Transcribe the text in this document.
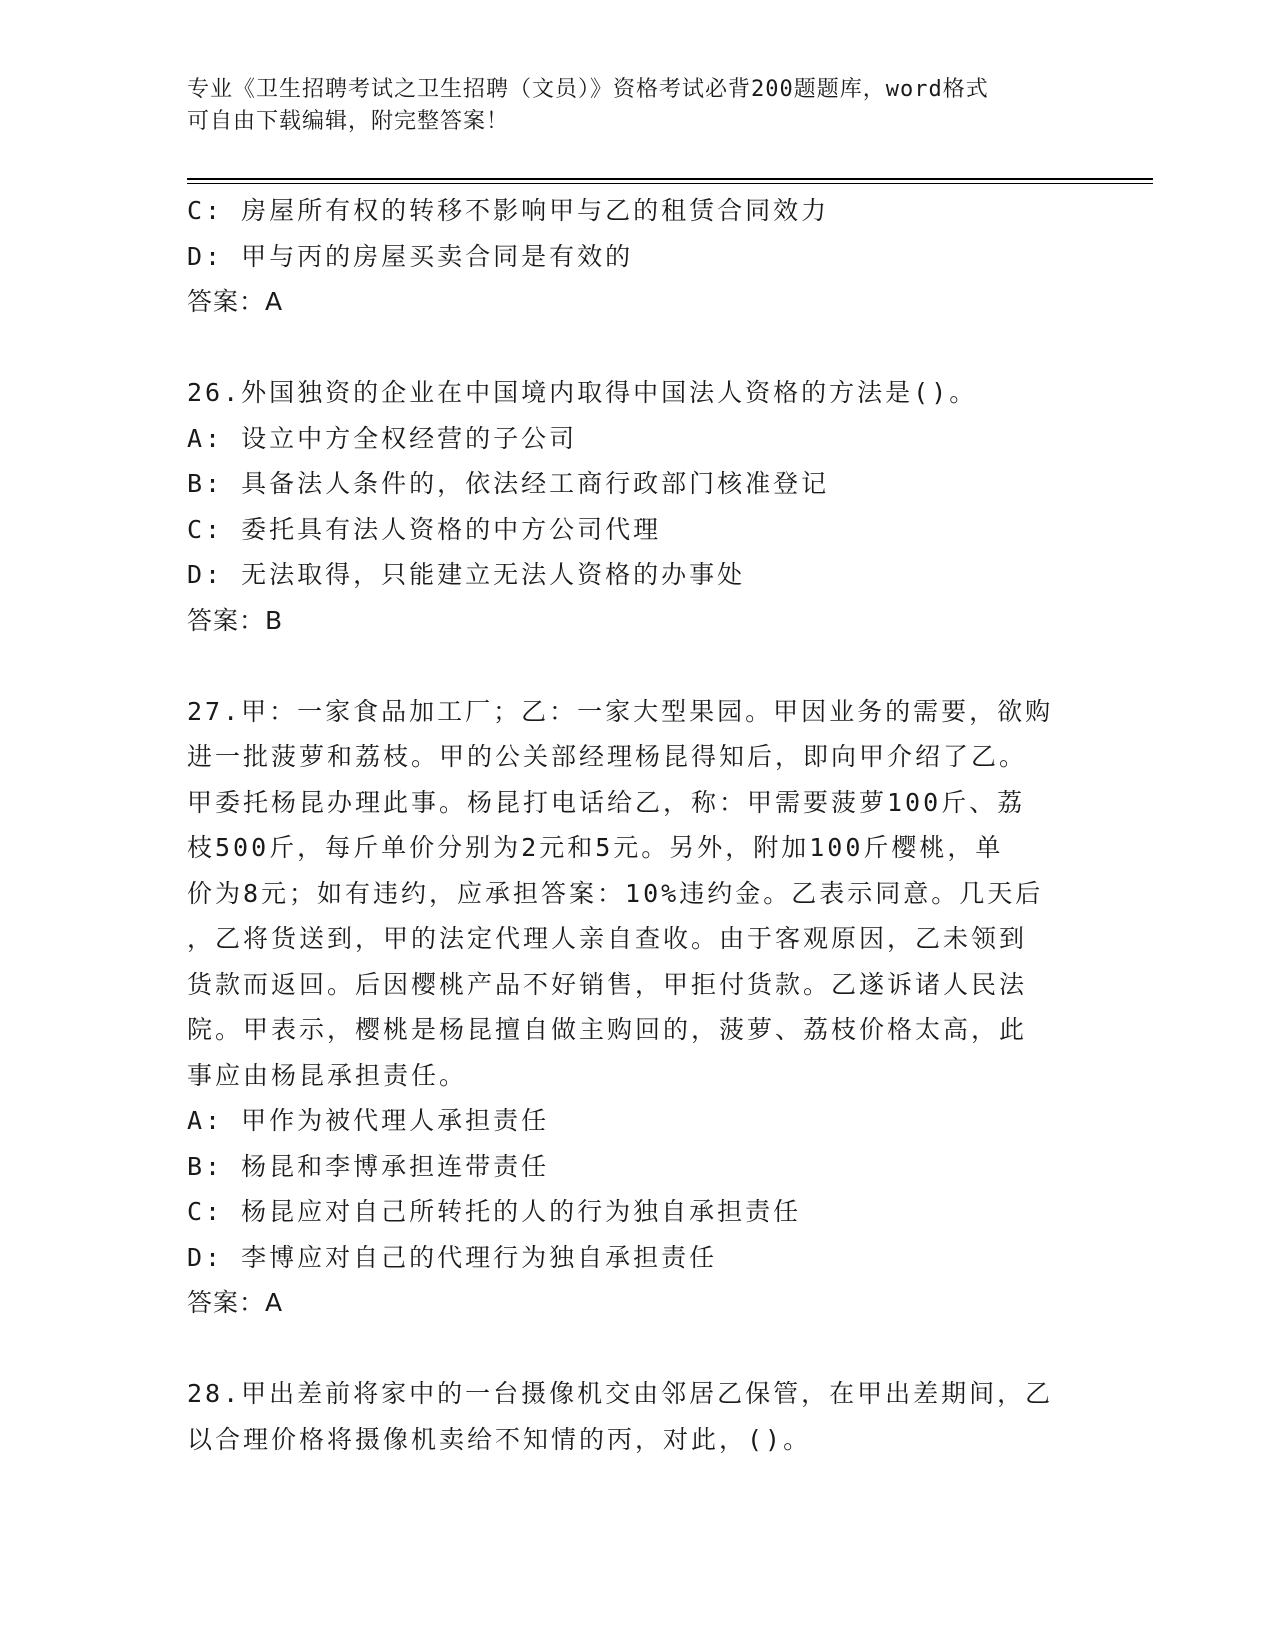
专业《卫生招聘考试之卫生招聘（文员）》资格考试必背200题题库，word格式
可自由下载编辑，附完整答案！
C: 房屋所有权的转移不影响甲与乙的租赁合同效力
D: 甲与丙的房屋买卖合同是有效的
答案：A
26.外国独资的企业在中国境内取得中国法人资格的方法是()。
A: 设立中方全权经营的子公司
B: 具备法人条件的，依法经工商行政部门核准登记
C: 委托具有法人资格的中方公司代理
D: 无法取得，只能建立无法人资格的办事处
答案：B
27.甲：一家食品加工厂；乙：一家大型果园。甲因业务的需要，欲购
进一批菠萝和荔枝。甲的公关部经理杨昆得知后，即向甲介绍了乙。
甲委托杨昆办理此事。杨昆打电话给乙，称：甲需要菠萝100斤、荔
枝500斤，每斤单价分别为2元和5元。另外，附加100斤樱桃，单
价为8元；如有违约，应承担答案：10%违约金。乙表示同意。几天后
，乙将货送到，甲的法定代理人亲自查收。由于客观原因，乙未领到
货款而返回。后因樱桃产品不好销售，甲拒付货款。乙遂诉诸人民法
院。甲表示，樱桃是杨昆擅自做主购回的，菠萝、荔枝价格太高，此
事应由杨昆承担责任。
A: 甲作为被代理人承担责任
B: 杨昆和李博承担连带责任
C: 杨昆应对自己所转托的人的行为独自承担责任
D: 李博应对自己的代理行为独自承担责任
答案：A
28.甲出差前将家中的一台摄像机交由邻居乙保管，在甲出差期间，乙
以合理价格将摄像机卖给不知情的丙，对此，()。
